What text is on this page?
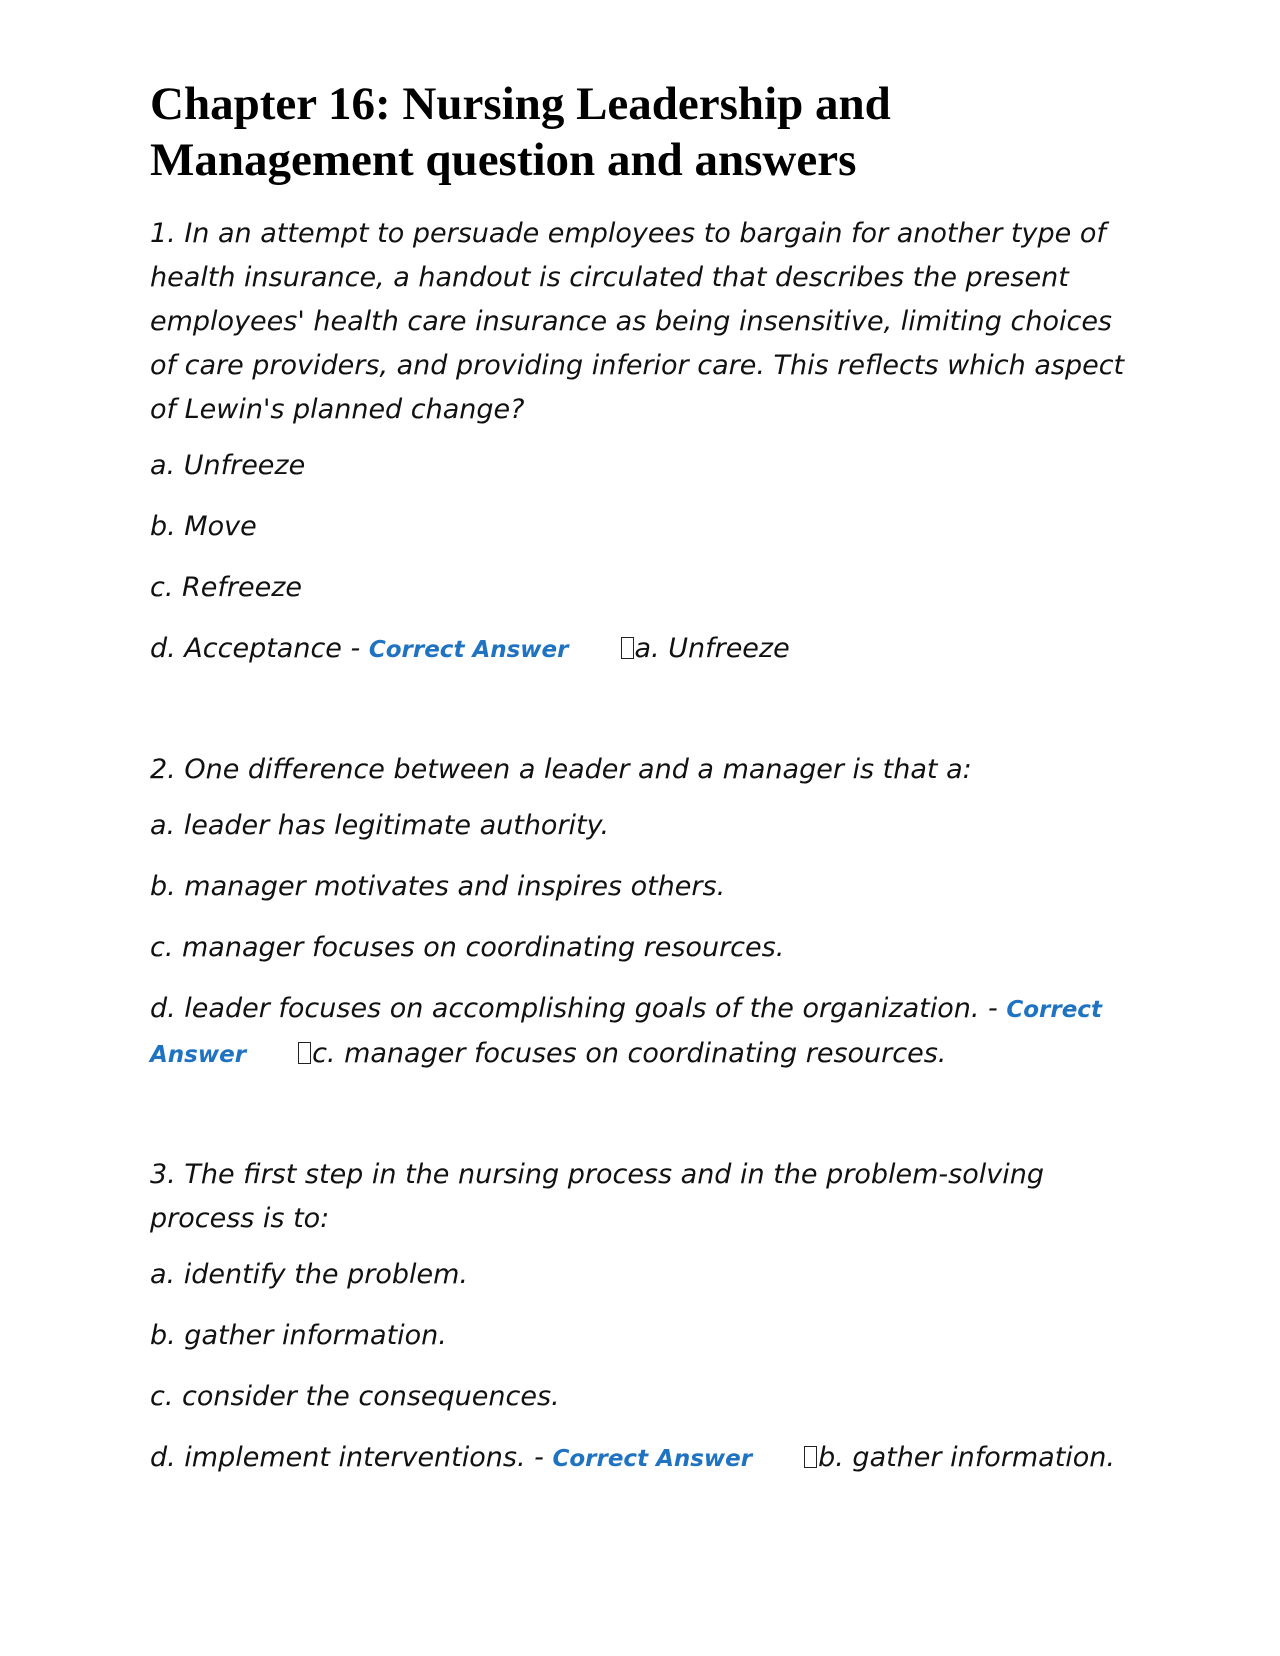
Chapter 16: Nursing Leadership and Management question and answers

1. In an attempt to persuade employees to bargain for another type of health insurance, a handout is circulated that describes the present employees' health care insurance as being insensitive, limiting choices of care providers, and providing inferior care. This reflects which aspect of Lewin's planned change?

a. Unfreeze

b. Move

c. Refreeze

d. Acceptance - Correct Answer a. Unfreeze

2. One difference between a leader and a manager is that a:

a. leader has legitimate authority.

b. manager motivates and inspires others.

c. manager focuses on coordinating resources.

d. leader focuses on accomplishing goals of the organization. - Correct Answer c. manager focuses on coordinating resources.

3. The first step in the nursing process and in the problem-solving process is to:

a. identify the problem.

b. gather information.

c. consider the consequences.

d. implement interventions. - Correct Answer b. gather information.
